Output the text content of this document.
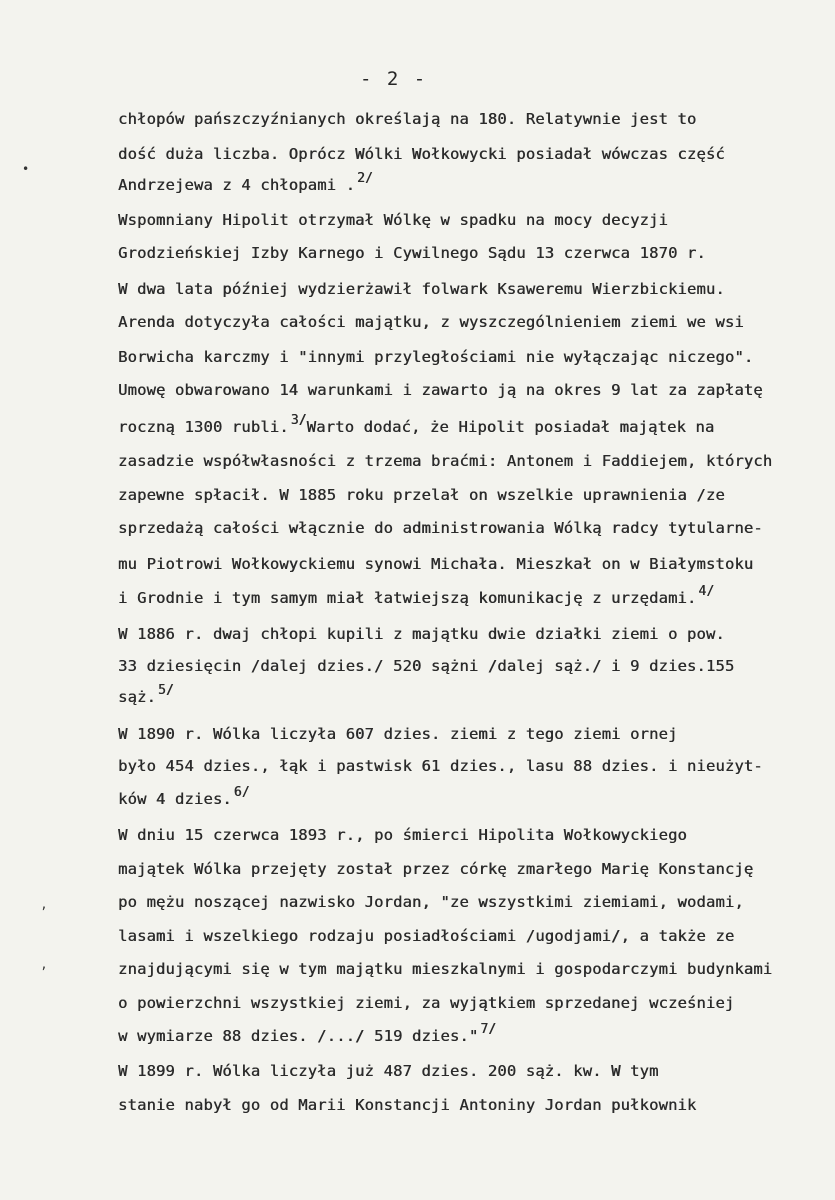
- 2 -
chłopów pańszczyźnianych określają na 180. Relatywnie jest to
dość duża liczba. Oprócz Wólki Wołkowycki posiadał wówczas część
Andrzejewa z 4 chłopami . $^{2/}$
Wspomniany Hipolit otrzymał Wólkę w spadku na mocy decyzji
Grodzieńskiej Izby Karnego i Cywilnego Sądu 13 czerwca 1870 r.
W dwa lata później wydzierżawił folwark Ksaweremu Wierzbickiemu.
Arenda dotyczyła całości majątku, z wyszczególnieniem ziemi we wsi
Borwicha karczmy i "innymi przyległościami nie wyłączając niczego".
Umowę obwarowano 14 warunkami i zawarto ją na okres 9 lat za zapłatę
roczną 1300 rubli. $^{3/}$Warto dodać, że Hipolit posiadał majątek na
zasadzie współwłasności z trzema braćmi: Antonem i Faddiejem, których
zapewne spłacił. W 1885 roku przelał on wszelkie uprawnienia /ze
sprzedażą całości włącznie do administrowania Wólką radcy tytularne-
mu Piotrowi Wołkowyckiemu synowi Michała. Mieszkał on w Białymstoku
i Grodnie i tym samym miał łatwiejszą komunikację z urzędami. $^{4/}$
W 1886 r. dwaj chłopi kupili z majątku dwie działki ziemi o pow.
33 dziesięcin /dalej dzies./ 520 sążni /dalej sąż./ i 9 dzies.155
sąż. $^{5/}$
W 1890 r. Wólka liczyła 607 dzies. ziemi z tego ziemi ornej
było 454 dzies., łąk i pastwisk 61 dzies., lasu 88 dzies. i nieużyt-
ków 4 dzies. $^{6/}$
W dniu 15 czerwca 1893 r., po śmierci Hipolita Wołkowyckiego
majątek Wólka przejęty został przez córkę zmarłego Marię Konstancję
po mężu noszącej nazwisko Jordan, "ze wszystkimi ziemiami, wodami,
lasami i wszelkiego rodzaju posiadłościami /ugodjami/, a także ze
znajdującymi się w tym majątku mieszkalnymi i gospodarczymi budynkami
o powierzchni wszystkiej ziemi, za wyjątkiem sprzedanej wcześniej
w wymiarze 88 dzies. /.../ 519 dzies." $^{7/}$
W 1899 r. Wólka liczyła już 487 dzies. 200 sąż. kw. W tym
stanie nabył go od Marii Konstancji Antoniny Jordan pułkownik
•
’
’
